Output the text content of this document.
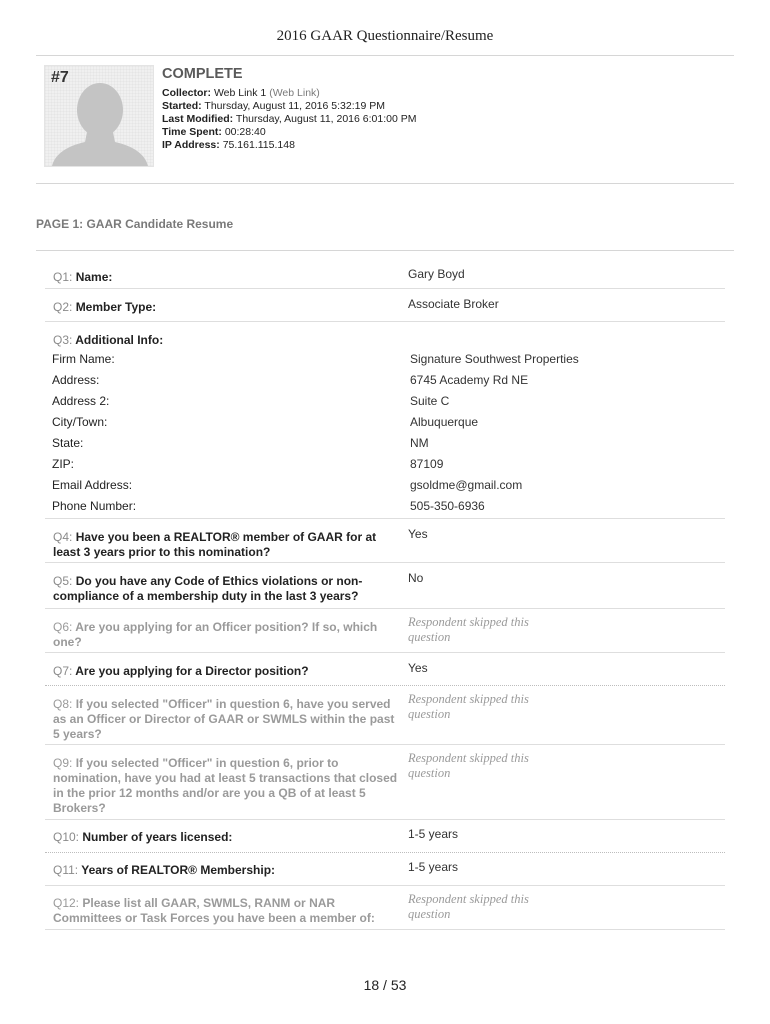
2016 GAAR Questionnaire/Resume
#7	COMPLETE
Collector: Web Link 1 (Web Link)
Started: Thursday, August 11, 2016 5:32:19 PM
Last Modified: Thursday, August 11, 2016 6:01:00 PM
Time Spent: 00:28:40
IP Address: 75.161.115.148
PAGE 1: GAAR Candidate Resume
Q1: Name:	Gary Boyd
Q2: Member Type:	Associate Broker
Q3: Additional Info:
Firm Name:	Signature Southwest Properties
Address:	6745 Academy Rd NE
Address 2:	Suite C
City/Town:	Albuquerque
State:	NM
ZIP:	87109
Email Address:	gsoldme@gmail.com
Phone Number:	505-350-6936
Q4: Have you been a REALTOR® member of GAAR for at least 3 years prior to this nomination?
Yes
Q5: Do you have any Code of Ethics violations or non-compliance of a membership duty in the last 3 years?
No
Q6: Are you applying for an Officer position? If so, which one?
Respondent skipped this question
Q7: Are you applying for a Director position?	Yes
Q8: If you selected "Officer" in question 6, have you served as an Officer or Director of GAAR or SWMLS within the past 5 years?
Respondent skipped this question
Q9: If you selected "Officer" in question 6, prior to nomination, have you had at least 5 transactions that closed in the prior 12 months and/or are you a QB of at least 5 Brokers?
Respondent skipped this question
Q10: Number of years licensed:	1-5 years
Q11: Years of REALTOR® Membership:	1-5 years
Q12: Please list all GAAR, SWMLS, RANM or NAR Committees or Task Forces you have been a member of:
Respondent skipped this question
18 / 53
